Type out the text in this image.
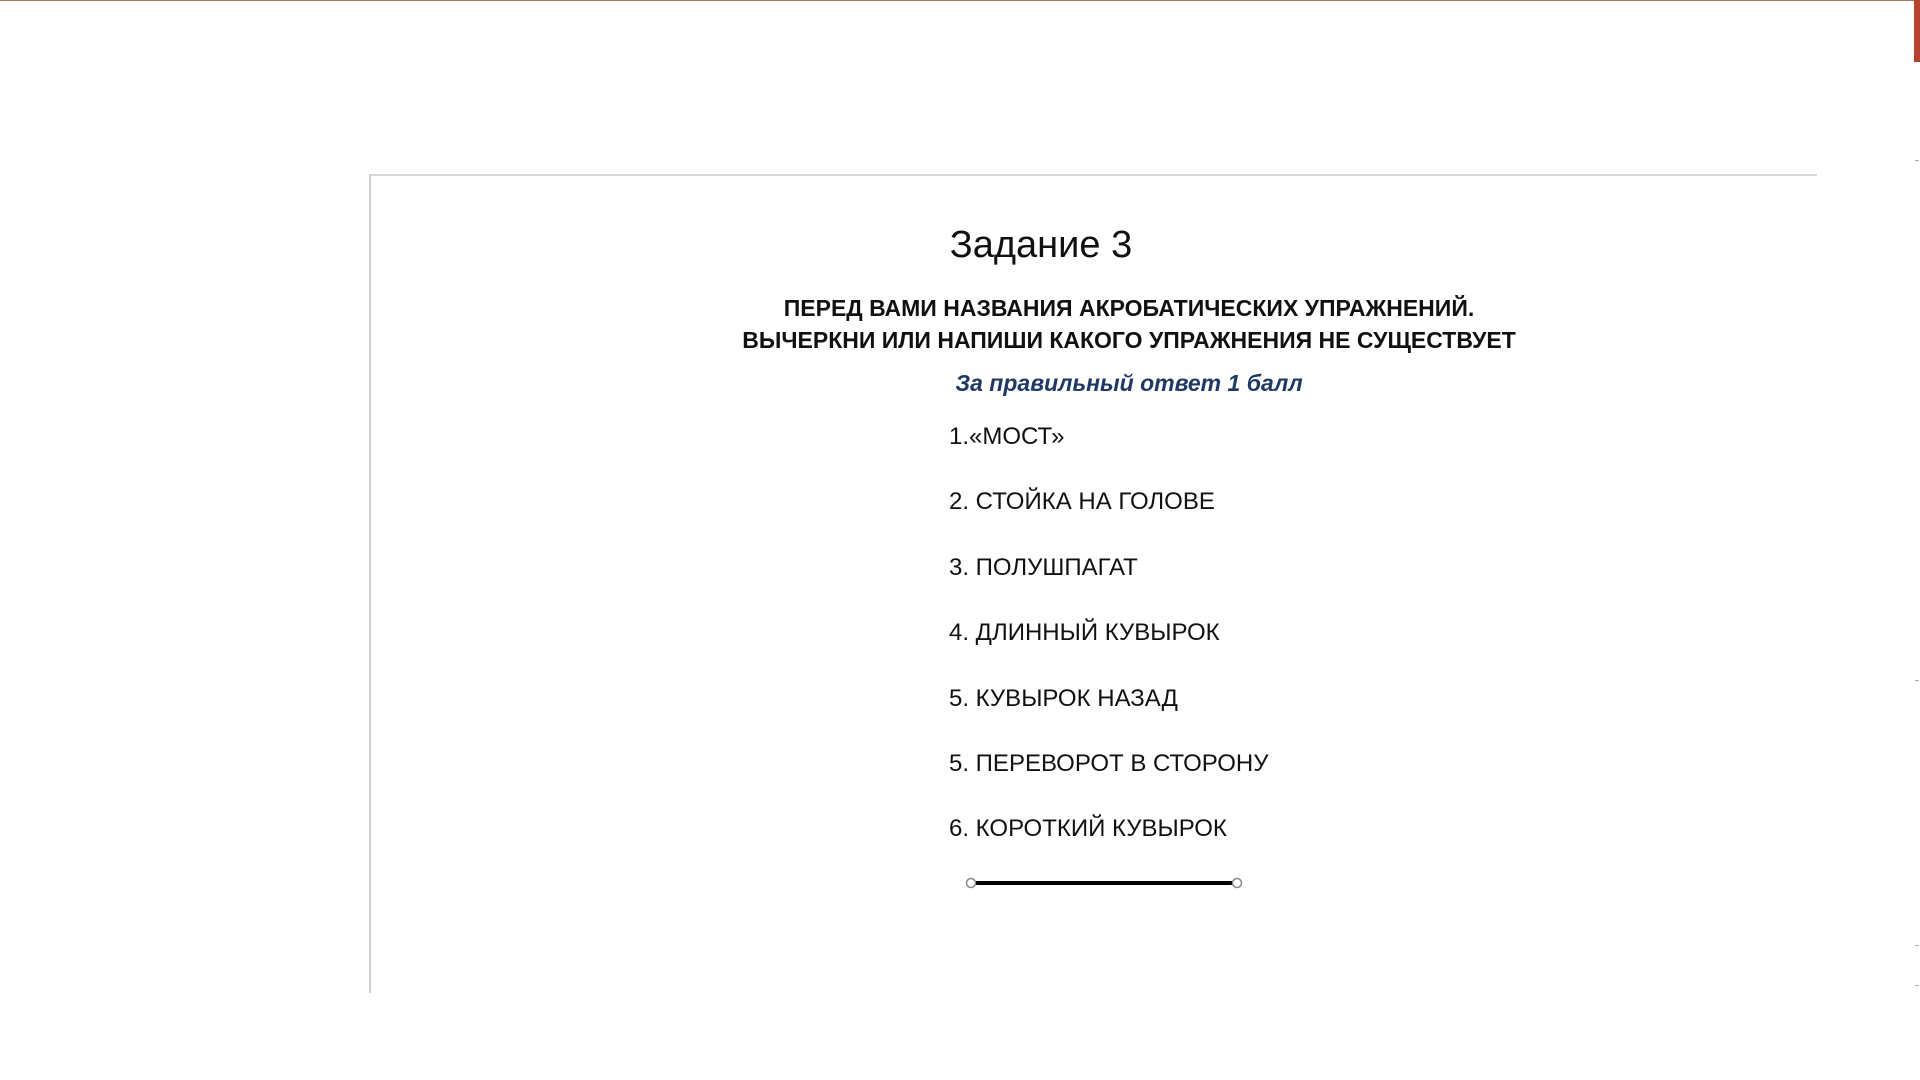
Задание 3
ПЕРЕД ВАМИ НАЗВАНИЯ АКРОБАТИЧЕСКИХ УПРАЖНЕНИЙ.
ВЫЧЕРКНИ ИЛИ НАПИШИ КАКОГО УПРАЖНЕНИЯ НЕ СУЩЕСТВУЕТ
За правильный ответ 1 балл
1.«МОСТ»
2. СТОЙКА НА ГОЛОВЕ
3. ПОЛУШПАГАТ
4. ДЛИННЫЙ КУВЫРОК
5. КУВЫРОК НАЗАД
5. ПЕРЕВОРОТ В СТОРОНУ
6. КОРОТКИЙ КУВЫРОК
